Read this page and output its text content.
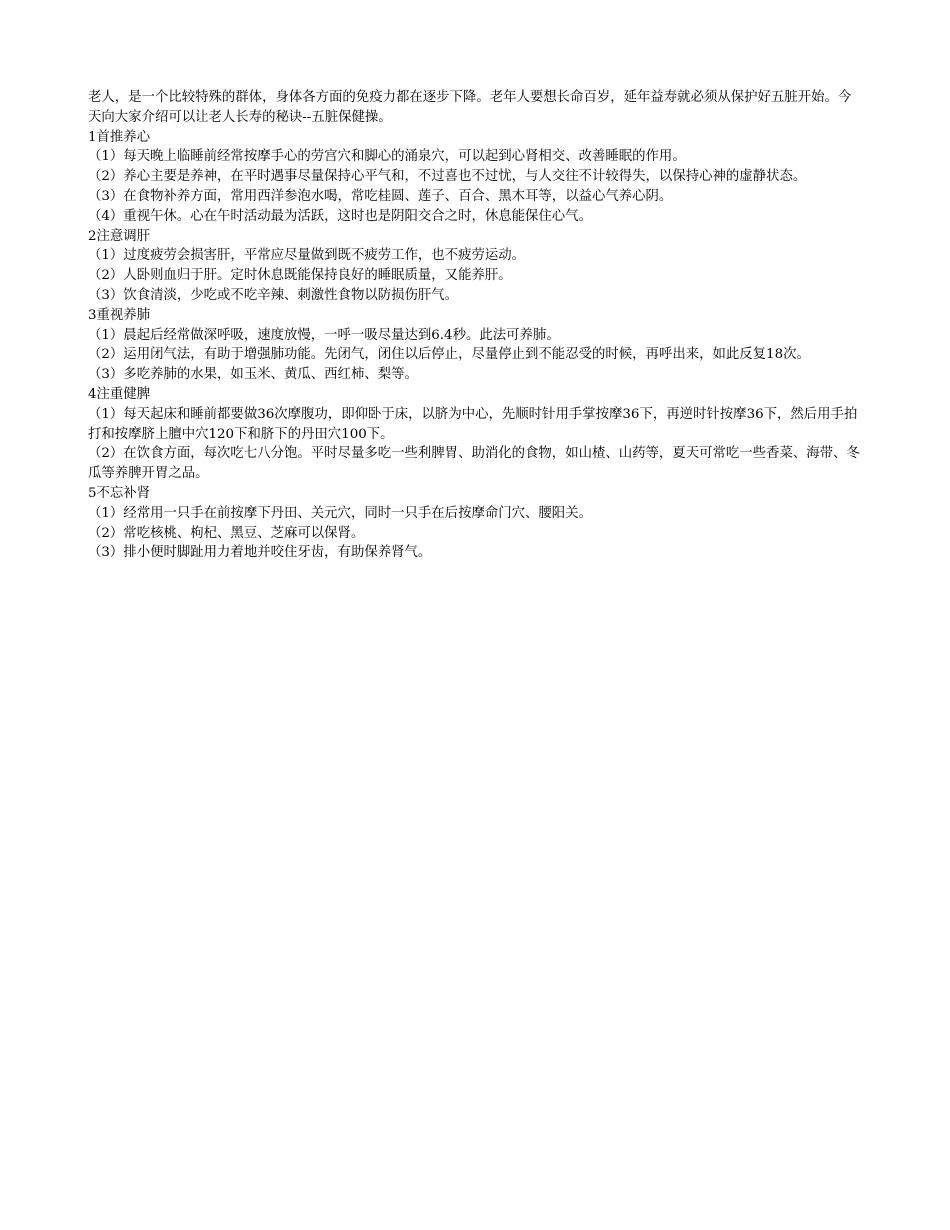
老人，是一个比较特殊的群体，身体各方面的免疫力都在逐步下降。老年人要想长命百岁，延年益寿就必须从保护好五脏开始。今天向大家介绍可以让老人长寿的秘诀--五脏保健操。

1首推养心

（1）每天晚上临睡前经常按摩手心的劳宫穴和脚心的涌泉穴，可以起到心肾相交、改善睡眠的作用。

（2）养心主要是养神，在平时遇事尽量保持心平气和，不过喜也不过忧，与人交往不计较得失，以保持心神的虚静状态。

（3）在食物补养方面，常用西洋参泡水喝，常吃桂圆、莲子、百合、黑木耳等，以益心气养心阴。

（4）重视午休。心在午时活动最为活跃，这时也是阴阳交合之时，休息能保住心气。

2注意调肝

（1）过度疲劳会损害肝，平常应尽量做到既不疲劳工作，也不疲劳运动。

（2）人卧则血归于肝。定时休息既能保持良好的睡眠质量，又能养肝。

（3）饮食清淡，少吃或不吃辛辣、刺激性食物以防损伤肝气。

3重视养肺

（1）晨起后经常做深呼吸，速度放慢，一呼一吸尽量达到6.4秒。此法可养肺。

（2）运用闭气法，有助于增强肺功能。先闭气，闭住以后停止，尽量停止到不能忍受的时候，再呼出来，如此反复18次。

（3）多吃养肺的水果，如玉米、黄瓜、西红柿、梨等。

4注重健脾

（1）每天起床和睡前都要做36次摩腹功，即仰卧于床，以脐为中心，先顺时针用手掌按摩36下，再逆时针按摩36下，然后用手拍打和按摩脐上膻中穴120下和脐下的丹田穴100下。

（2）在饮食方面，每次吃七八分饱。平时尽量多吃一些利脾胃、助消化的食物，如山楂、山药等，夏天可常吃一些香菜、海带、冬瓜等养脾开胃之品。

5不忘补肾

（1）经常用一只手在前按摩下丹田、关元穴，同时一只手在后按摩命门穴、腰阳关。

（2）常吃核桃、枸杞、黑豆、芝麻可以保肾。

（3）排小便时脚趾用力着地并咬住牙齿，有助保养肾气。
